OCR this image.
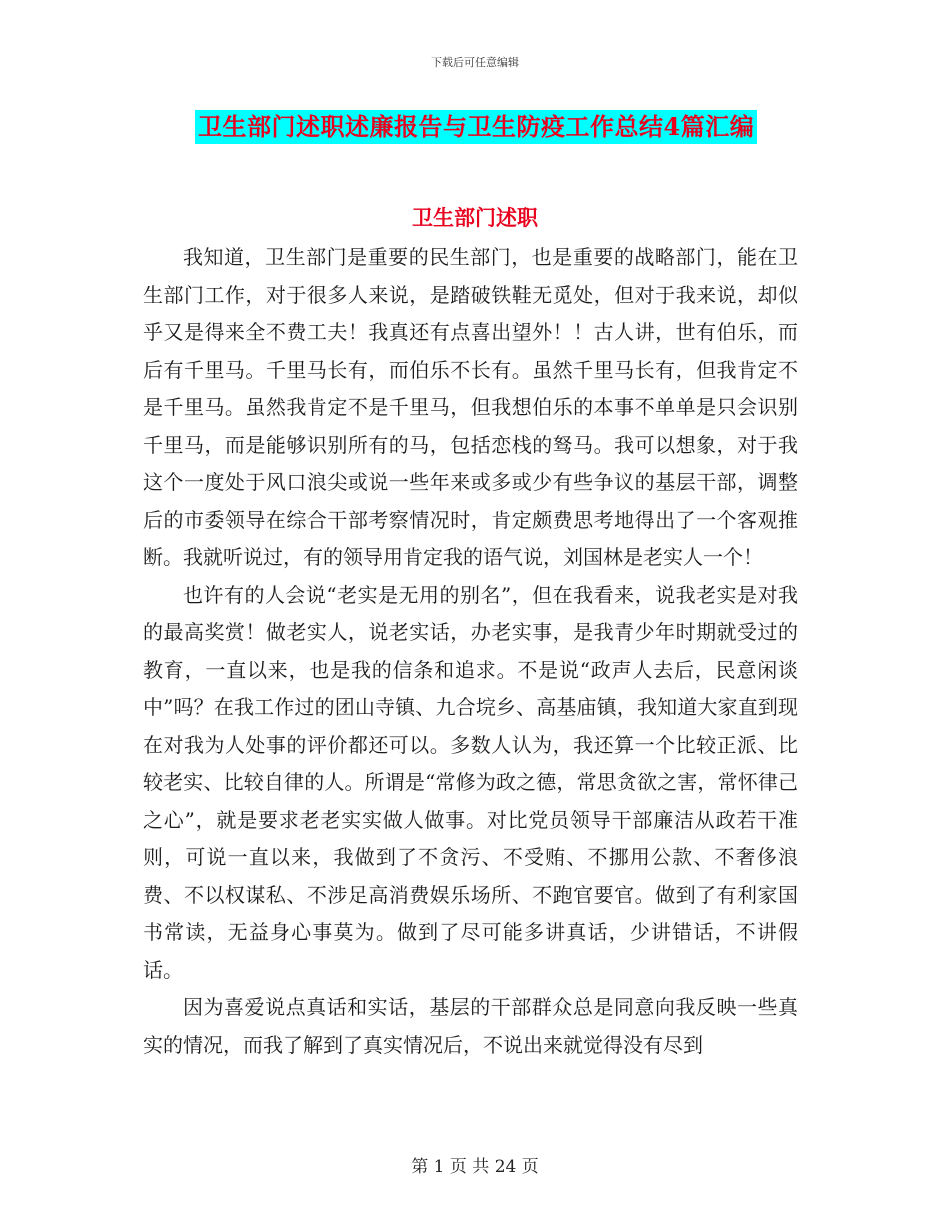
下载后可任意编辑
卫生部门述职述廉报告与卫生防疫工作总结4篇汇编
卫生部门述职

我知道，卫生部门是重要的民生部门，也是重要的战略部门，能在卫生部门工作，对于很多人来说，是踏破铁鞋无觅处，但对于我来说，却似乎又是得来全不费工夫！我真还有点喜出望外！！古人讲，世有伯乐，而后有千里马。千里马长有，而伯乐不长有。虽然千里马长有，但我肯定不是千里马。虽然我肯定不是千里马，但我想伯乐的本事不单单是只会识别千里马，而是能够识别所有的马，包括恋栈的驽马。我可以想象，对于我这个一度处于风口浪尖或说一些年来或多或少有些争议的基层干部，调整后的市委领导在综合干部考察情况时，肯定颇费思考地得出了一个客观推断。我就听说过，有的领导用肯定我的语气说，刘国林是老实人一个！

也许有的人会说“老实是无用的别名”，但在我看来，说我老实是对我的最高奖赏！做老实人，说老实话，办老实事，是我青少年时期就受过的教育，一直以来，也是我的信条和追求。不是说“政声人去后，民意闲谈中”吗？在我工作过的团山寺镇、九合垸乡、高基庙镇，我知道大家直到现在对我为人处事的评价都还可以。多数人认为，我还算一个比较正派、比较老实、比较自律的人。所谓是“常修为政之德，常思贪欲之害，常怀律己之心”，就是要求老老实实做人做事。对比党员领导干部廉洁从政若干准则，可说一直以来，我做到了不贪污、不受贿、不挪用公款、不奢侈浪费、不以权谋私、不涉足高消费娱乐场所、不跑官要官。做到了有利家国书常读，无益身心事莫为。做到了尽可能多讲真话，少讲错话，不讲假话。

因为喜爱说点真话和实话，基层的干部群众总是同意向我反映一些真实的情况，而我了解到了真实情况后，不说出来就觉得没有尽到

第 1 页 共 24 页
